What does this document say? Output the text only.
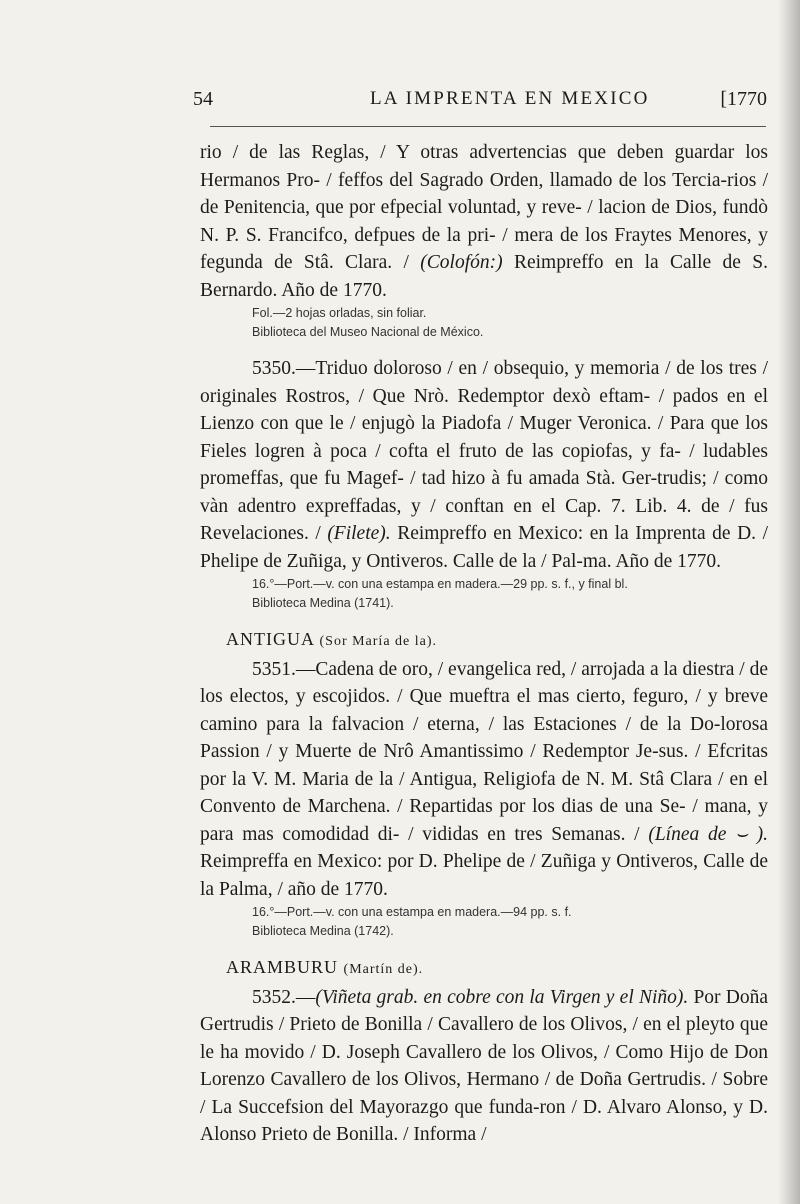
54	LA IMPRENTA EN MEXICO	[1770

rio / de las Reglas, / Y otras advertencias que deben guardar los Hermanos Pro- / feffos del Sagrado Orden, llamado de los Tercia-rios / de Penitencia, que por efpecial voluntad, y reve- / lacion de Dios, fundò N. P. S. Francifco, defpues de la pri- / mera de los Fraytes Menores, y fegunda de Stâ. Clara. / (Colofón:) Reimpreffo en la Calle de S. Bernardo. Año de 1770.

Fol.—2 hojas orladas, sin foliar.

Biblioteca del Museo Nacional de México.

5350.—Triduo doloroso / en / obsequio, y memoria / de los tres / originales Rostros, / Que Nrò. Redemptor dexò eftam- / pados en el Lienzo con que le / enjugò la Piadofa / Muger Veronica. / Para que los Fieles logren à poca / cofta el fruto de las copiofas, y fa- / ludables promeffas, que fu Magef- / tad hizo à fu amada Stà. Ger-trudis; / como vàn adentro expreffadas, y / conftan en el Cap. 7. Lib. 4. de / fus Revelaciones. / (Filete). Reimpreffo en Mexico: en la Imprenta de D. / Phelipe de Zuñiga, y Ontiveros. Calle de la / Pal-ma. Año de 1770.

16.°—Port.—v. con una estampa en madera.—29 pp. s. f., y final bl.

Biblioteca Medina (1741).

ANTIGUA (Sor María de la).

5351.—Cadena de oro, / evangelica red, / arrojada a la diestra / de los electos, y escojidos. / Que mueftra el mas cierto, feguro, / y breve camino para la falvacion / eterna, / las Estaciones / de la Do-lorosa Passion / y Muerte de Nrô Amantissimo / Redemptor Je-sus. / Efcritas por la V. M. Maria de la / Antigua, Religiofa de N. M. Stâ Clara / en el Convento de Marchena. / Repartidas por los dias de una Se- / mana, y para mas comodidad di- / vididas en tres Semanas. / (Línea de ⌣ ). Reimpreffa en Mexico: por D. Phelipe de / Zuñiga y Ontiveros, Calle de la Palma, / año de 1770.

16.°—Port.—v. con una estampa en madera.—94 pp. s. f.

Biblioteca Medina (1742).

ARAMBURU (Martín de).

5352.—(Viñeta grab. en cobre con la Virgen y el Niño). Por Doña Gertrudis / Prieto de Bonilla / Cavallero de los Olivos, / en el pleyto que le ha movido / D. Joseph Cavallero de los Olivos, / Como Hijo de Don Lorenzo Cavallero de los Olivos, Hermano / de Doña Gertrudis. / Sobre / La Succefsion del Mayorazgo que funda-ron / D. Alvaro Alonso, y D. Alonso Prieto de Bonilla. / Informa /
